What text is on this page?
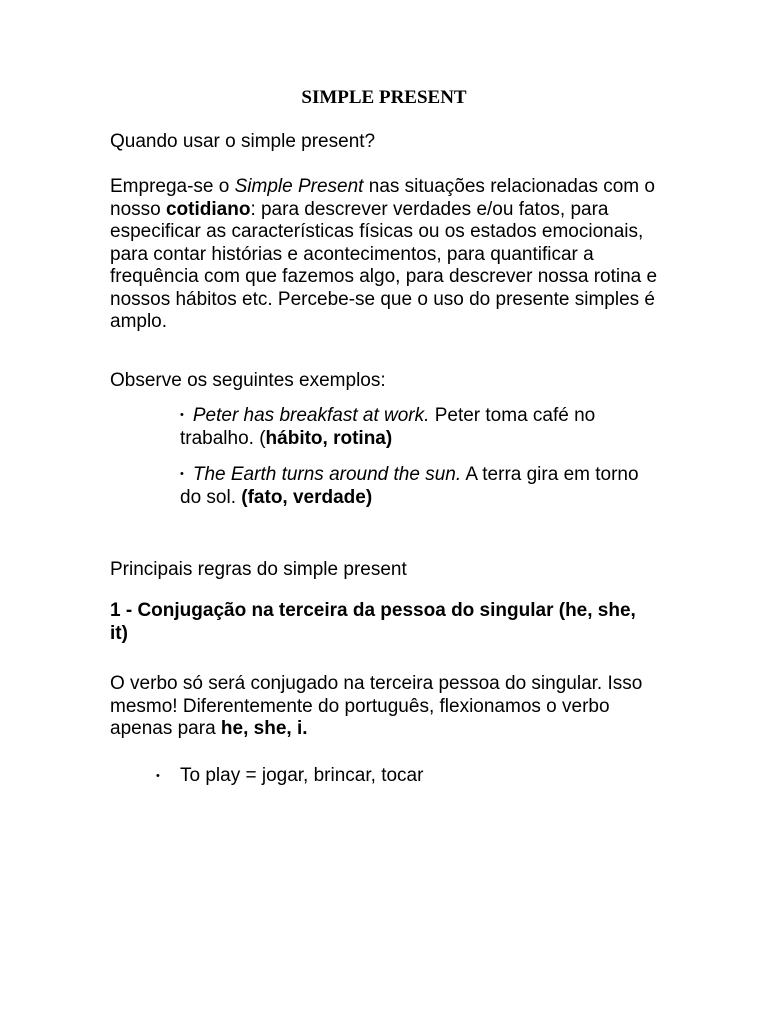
SIMPLE PRESENT
Quando usar o simple present?
Emprega-se o Simple Present nas situações relacionadas com o nosso cotidiano: para descrever verdades e/ou fatos, para especificar as características físicas ou os estados emocionais, para contar histórias e acontecimentos, para quantificar a frequência com que fazemos algo, para descrever nossa rotina e nossos hábitos etc. Percebe-se que o uso do presente simples é amplo.
Observe os seguintes exemplos:
• Peter has breakfast at work. Peter toma café no trabalho. (hábito, rotina)
• The Earth turns around the sun. A terra gira em torno do sol. (fato, verdade)
Principais regras do simple present
1 - Conjugação na terceira da pessoa do singular (he, she, it)
O verbo só será conjugado na terceira pessoa do singular. Isso mesmo! Diferentemente do português, flexionamos o verbo apenas para he, she, i.
• To play = jogar, brincar, tocar
